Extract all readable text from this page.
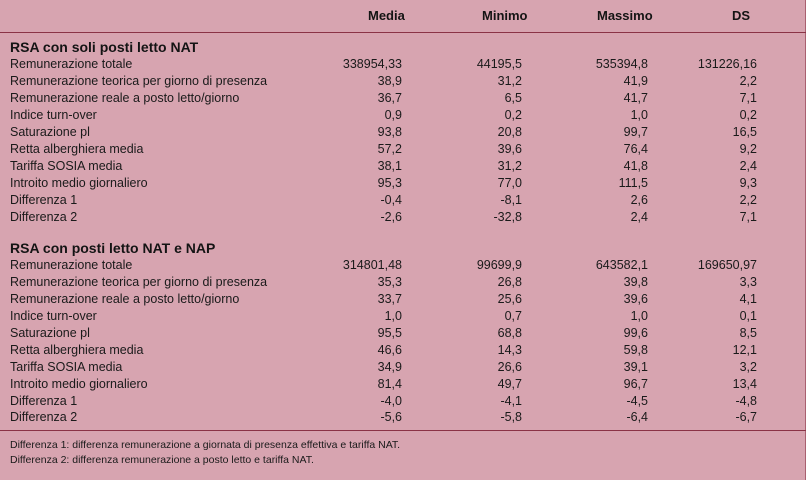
Media	Minimo	Massimo	DS
RSA con soli posti letto NAT
Remunerazione totale	338954,33	44195,5	535394,8	131226,16
Remunerazione teorica per giorno di presenza	38,9	31,2	41,9	2,2
Remunerazione reale a posto letto/giorno	36,7	6,5	41,7	7,1
Indice turn-over	0,9	0,2	1,0	0,2
Saturazione pl	93,8	20,8	99,7	16,5
Retta alberghiera media	57,2	39,6	76,4	9,2
Tariffa SOSIA media	38,1	31,2	41,8	2,4
Introito medio giornaliero	95,3	77,0	111,5	9,3
Differenza 1	-0,4	-8,1	2,6	2,2
Differenza 2	-2,6	-32,8	2,4	7,1
RSA con posti letto NAT e NAP
Remunerazione totale	314801,48	99699,9	643582,1	169650,97
Remunerazione teorica per giorno di presenza	35,3	26,8	39,8	3,3
Remunerazione reale a posto letto/giorno	33,7	25,6	39,6	4,1
Indice turn-over	1,0	0,7	1,0	0,1
Saturazione pl	95,5	68,8	99,6	8,5
Retta alberghiera media	46,6	14,3	59,8	12,1
Tariffa SOSIA media	34,9	26,6	39,1	3,2
Introito medio giornaliero	81,4	49,7	96,7	13,4
Differenza 1	-4,0	-4,1	-4,5	-4,8
Differenza 2	-5,6	-5,8	-6,4	-6,7
Differenza 1: differenza remunerazione a giornata di presenza effettiva e tariffa NAT.
Differenza 2: differenza remunerazione a posto letto e tariffa NAT.
